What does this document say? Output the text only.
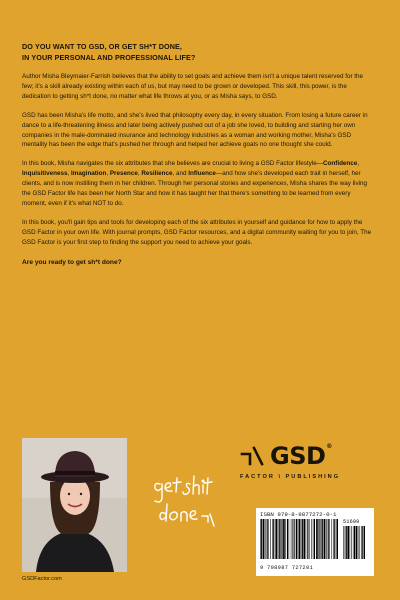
DO YOU WANT TO GSD, OR GET SH*T DONE,
IN YOUR PERSONAL AND PROFESSIONAL LIFE?

Author Misha Bleymaier-Farrish believes that the ability to set goals and achieve them isn't a unique talent reserved for the few; it's a skill already existing within each of us, but may need to be grown or developed. This skill, this power, is the dedication to getting sh*t done, no matter what life throws at you, or as Misha says, to GSD.

GSD has been Misha's life motto, and she's lived that philosophy every day, in every situation. From losing a future career in dance to a life-threatening illness and later being actively pushed out of a job she loved, to building and starting her own companies in the male-dominated insurance and technology industries as a woman and working mother, Misha's GSD mentality has been the edge that's pushed her through and helped her achieve goals no one thought she could.

In this book, Misha navigates the six attributes that she believes are crucial to living a GSD Factor lifestyle—Confidence, Inquisitiveness, Imagination, Presence, Resilience, and Influence—and how she's developed each trait in herself, her clients, and is now instilling them in her children. Through her personal stories and experiences, Misha shares the way living the GSD Factor life has been her North Star and how it has taught her that there's something to be learned from every moment, even if it's what NOT to do.

In this book, you'll gain tips and tools for developing each of the six attributes in yourself and guidance for how to apply the GSD Factor in your own life. With journal prompts, GSD Factor resources, and a digital community waiting for you to join, The GSD Factor is your first step to finding the support you need to achieve your goals.

Are you ready to get sh*t done?

GSDFactor.com
GSD®
FACTOR \ PUBLISHING
ISBN 979-8-9877272-0-1
51699
9 798987 727201
